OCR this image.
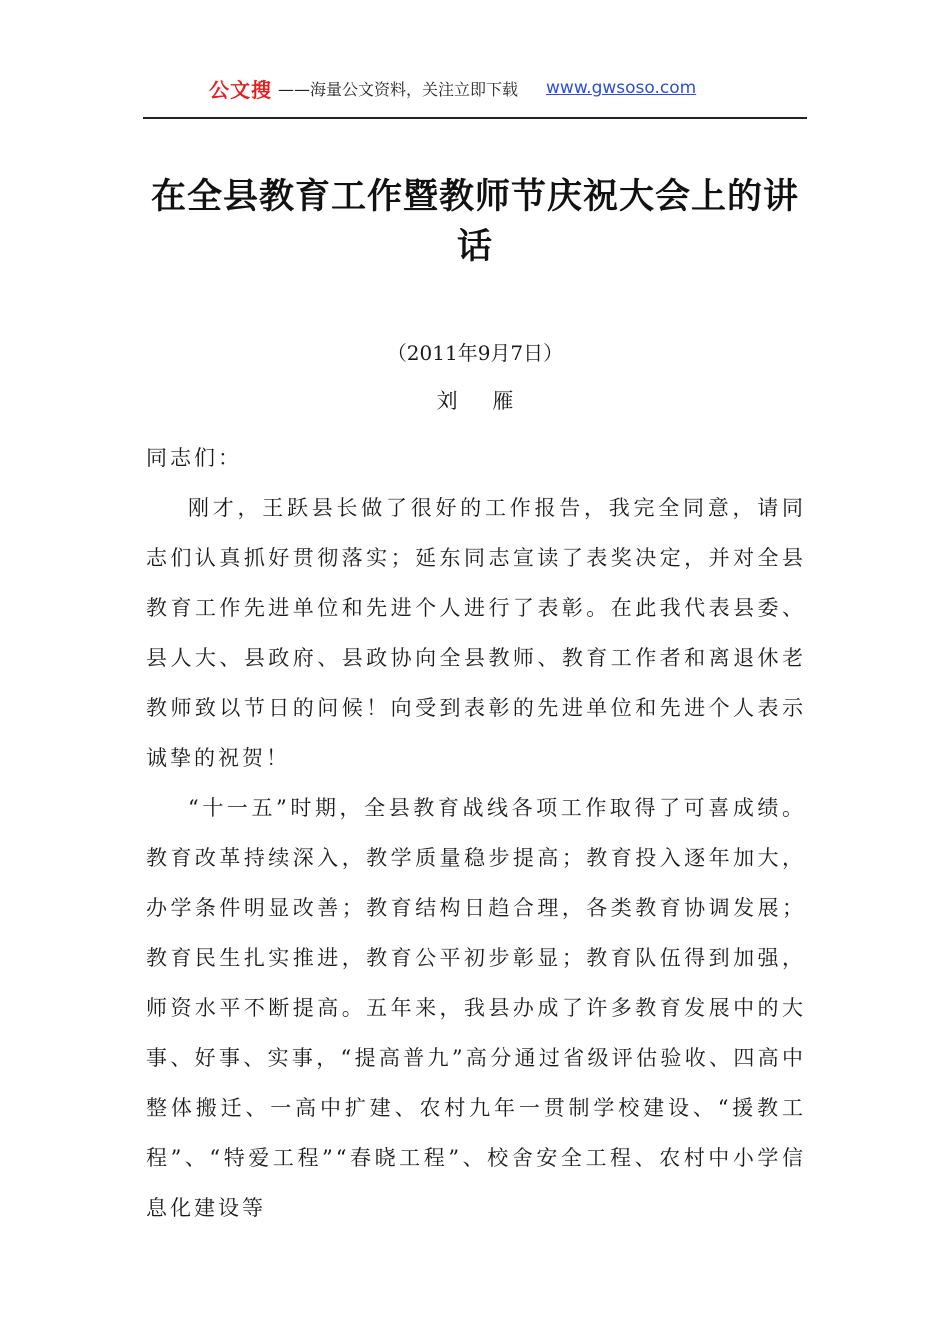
公文搜 ——海量公文资料，关注立即下载 www.gwsoso.com
在全县教育工作暨教师节庆祝大会上的讲话
（2011年9月7日）
刘 雁

同志们：

刚才，王跃县长做了很好的工作报告，我完全同意，请同志们认真抓好贯彻落实；延东同志宣读了表奖决定，并对全县教育工作先进单位和先进个人进行了表彰。在此我代表县委、县人大、县政府、县政协向全县教师、教育工作者和离退休老教师致以节日的问候！向受到表彰的先进单位和先进个人表示诚挚的祝贺！

“十一五”时期，全县教育战线各项工作取得了可喜成绩。教育改革持续深入，教学质量稳步提高；教育投入逐年加大，办学条件明显改善；教育结构日趋合理，各类教育协调发展；教育民生扎实推进，教育公平初步彰显；教育队伍得到加强，师资水平不断提高。五年来，我县办成了许多教育发展中的大事、好事、实事，“提高普九”高分通过省级评估验收、四高中整体搬迁、一高中扩建、农村九年一贯制学校建设、“援教工程”、“特爱工程”“春晓工程”、校舍安全工程、农村中小学信息化建设等
